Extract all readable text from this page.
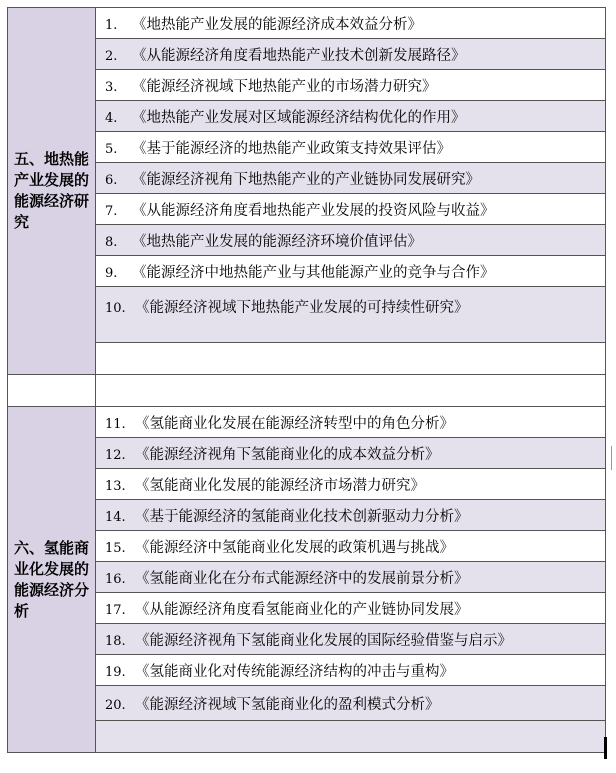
五、地热能产业发展的能源经济研究	1. 《地热能产业发展的能源经济成本效益分析》
	2. 《从能源经济角度看地热能产业技术创新发展路径》
	3. 《能源经济视域下地热能产业的市场潜力研究》
	4. 《地热能产业发展对区域能源经济结构优化的作用》
	5. 《基于能源经济的地热能产业政策支持效果评估》
	6. 《能源经济视角下地热能产业的产业链协同发展研究》
	7. 《从能源经济角度看地热能产业发展的投资风险与收益》
	8. 《地热能产业发展的能源经济环境价值评估》
	9. 《能源经济中地热能产业与其他能源产业的竞争与合作》
	10. 《能源经济视域下地热能产业发展的可持续性研究》

六、氢能商业化发展的能源经济分析	11. 《氢能商业化发展在能源经济转型中的角色分析》
	12. 《能源经济视角下氢能商业化的成本效益分析》
	13. 《氢能商业化发展的能源经济市场潜力研究》
	14. 《基于能源经济的氢能商业化技术创新驱动力分析》
	15. 《能源经济中氢能商业化发展的政策机遇与挑战》
	16. 《氢能商业化在分布式能源经济中的发展前景分析》
	17. 《从能源经济角度看氢能商业化的产业链协同发展》
	18. 《能源经济视角下氢能商业化发展的国际经验借鉴与启示》
	19. 《氢能商业化对传统能源经济结构的冲击与重构》
	20. 《能源经济视域下氢能商业化的盈利模式分析》
